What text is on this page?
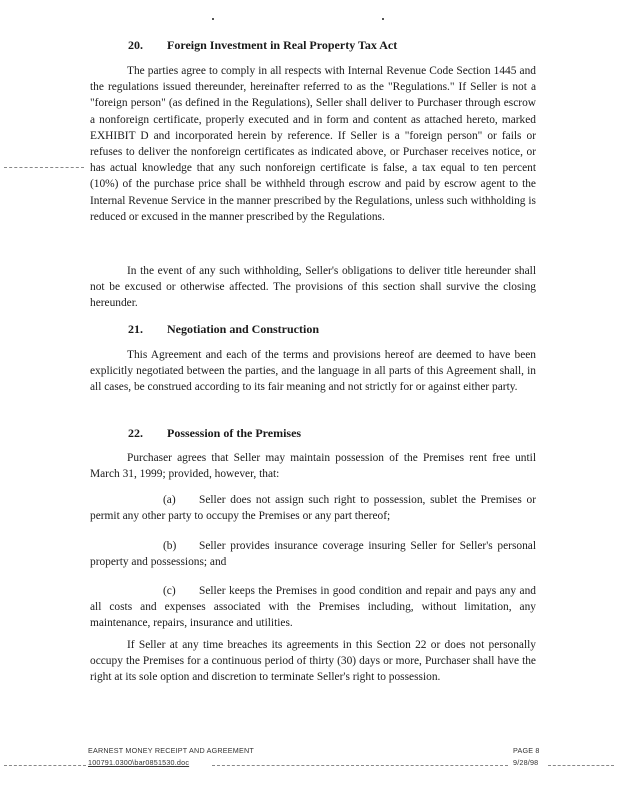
20. Foreign Investment in Real Property Tax Act

The parties agree to comply in all respects with Internal Revenue Code Section 1445 and the regulations issued thereunder, hereinafter referred to as the "Regulations." If Seller is not a "foreign person" (as defined in the Regulations), Seller shall deliver to Purchaser through escrow a nonforeign certificate, properly executed and in form and content as attached hereto, marked EXHIBIT D and incorporated herein by reference. If Seller is a "foreign person" or fails or refuses to deliver the nonforeign certificates as indicated above, or Purchaser receives notice, or has actual knowledge that any such nonforeign certificate is false, a tax equal to ten percent (10%) of the purchase price shall be withheld through escrow and paid by escrow agent to the Internal Revenue Service in the manner prescribed by the Regulations, unless such withholding is reduced or excused in the manner prescribed by the Regulations.

In the event of any such withholding, Seller's obligations to deliver title hereunder shall not be excused or otherwise affected. The provisions of this section shall survive the closing hereunder.

21. Negotiation and Construction

This Agreement and each of the terms and provisions hereof are deemed to have been explicitly negotiated between the parties, and the language in all parts of this Agreement shall, in all cases, be construed according to its fair meaning and not strictly for or against either party.

22. Possession of the Premises

Purchaser agrees that Seller may maintain possession of the Premises rent free until March 31, 1999; provided, however, that:

(a) Seller does not assign such right to possession, sublet the Premises or permit any other party to occupy the Premises or any part thereof;

(b) Seller provides insurance coverage insuring Seller for Seller's personal property and possessions; and

(c) Seller keeps the Premises in good condition and repair and pays any and all costs and expenses associated with the Premises including, without limitation, any maintenance, repairs, insurance and utilities.

If Seller at any time breaches its agreements in this Section 22 or does not personally occupy the Premises for a continuous period of thirty (30) days or more, Purchaser shall have the right at its sole option and discretion to terminate Seller's right to possession.

EARNEST MONEY RECEIPT AND AGREEMENT	PAGE 8
100791.0300\bar0851530.doc	9/28/98
